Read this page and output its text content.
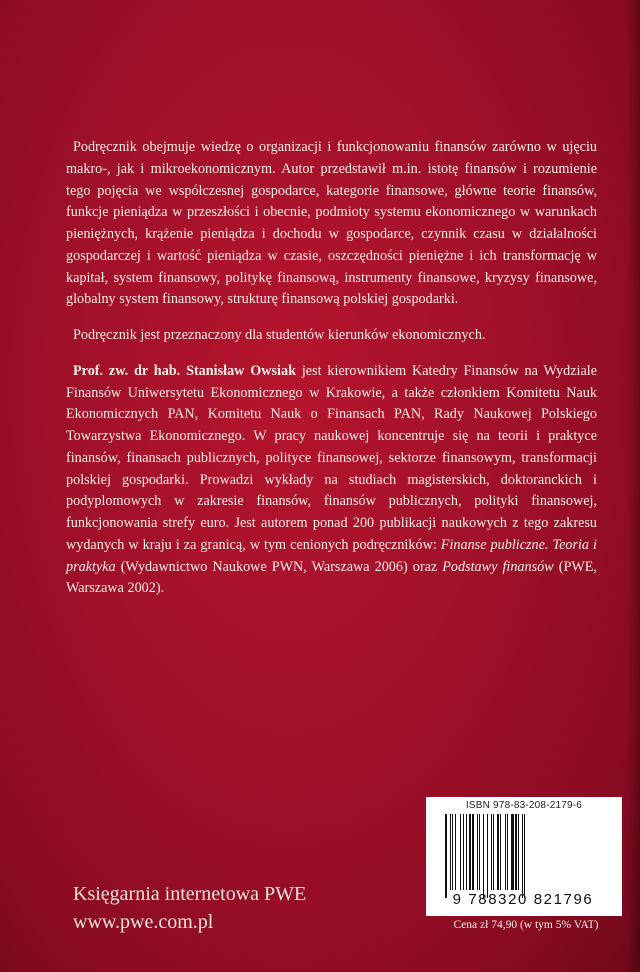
Podręcznik obejmuje wiedzę o organizacji i funkcjonowaniu finansów zarówno w ujęciu makro-, jak i mikroekonomicznym. Autor przedstawił m.in. istotę finansów i rozumienie tego pojęcia we współczesnej gospodarce, kategorie finansowe, główne teorie finansów, funkcje pieniądza w przeszłości i obecnie, podmioty systemu ekonomicznego w warunkach pieniężnych, krążenie pieniądza i dochodu w gospodarce, czynnik czasu w działalności gospodarczej i wartość pieniądza w czasie, oszczędności pieniężne i ich transformację w kapitał, system finansowy, politykę finansową, instrumenty finansowe, kryzysy finansowe, globalny system finansowy, strukturę finansową polskiej gospodarki.

Podręcznik jest przeznaczony dla studentów kierunków ekonomicznych.

Prof. zw. dr hab. Stanisław Owsiak jest kierownikiem Katedry Finansów na Wydziale Finansów Uniwersytetu Ekonomicznego w Krakowie, a także członkiem Komitetu Nauk Ekonomicznych PAN, Komitetu Nauk o Finansach PAN, Rady Naukowej Polskiego Towarzystwa Ekonomicznego. W pracy naukowej koncentruje się na teorii i praktyce finansów, finansach publicznych, polityce finansowej, sektorze finansowym, transformacji polskiej gospodarki. Prowadzi wykłady na studiach magisterskich, doktoranckich i podyplomowych w zakresie finansów, finansów publicznych, polityki finansowej, funkcjonowania strefy euro. Jest autorem ponad 200 publikacji naukowych z tego zakresu wydanych w kraju i za granicą, w tym cenionych podręczników: Finanse publiczne. Teoria i praktyka (Wydawnictwo Naukowe PWN, Warszawa 2006) oraz Podstawy finansów (PWE, Warszawa 2002).

Księgarnia internetowa PWE
www.pwe.com.pl
ISBN 978-83-208-2179-6
9 788320 821796
Cena zł 74,90 (w tym 5% VAT)
